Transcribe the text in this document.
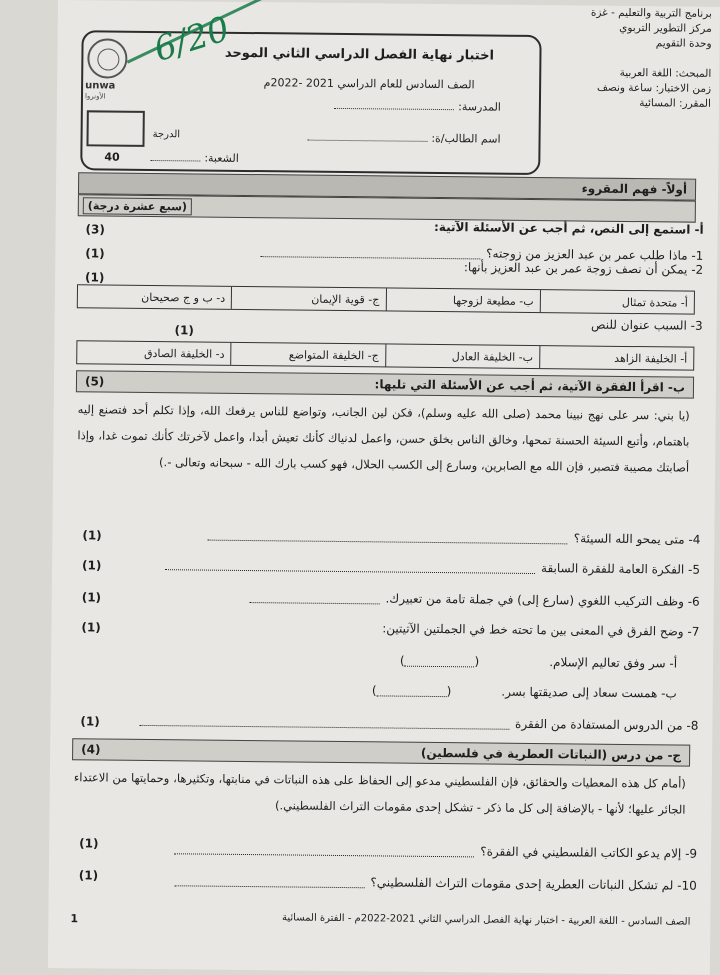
برنامج التربية والتعليم - غزة
مركز التطوير التربوي
وحدة التقويم
المبحث: اللغة العربية
زمن الاختبار: ساعة ونصف
المقرر: المسائية
اختبار نهاية الفصل الدراسي الثاني الموحد
الصف السادس للعام الدراسي 2021 -2022م
المدرسة:
اسم الطالب/ة:
الشعبة:
unwa
الأونروا
الدرجة
40
6/20
أولاً- فهم المقروء
(سبع عشرة درجة)
أ- استمع إلى النص، ثم أجب عن الأسئلة الآتية:
(3)
1- ماذا طلب عمر بن عبد العزيز من زوجته؟
(1)
2- يمكن أن نصف زوجة عمر بن عبد العزيز بأنها:
(1)
أ- متحدة تمثال
ب- مطيعة لزوجها
ج- قوية الإيمان
د- ب و ج صحيحان
3- السبب عنوان للنص
(1)
أ- الخليفة الزاهد
ب- الخليفة العادل
ج- الخليفة المتواضع
د- الخليفة الصادق
ب- اقرأ الفقرة الآتية، ثم أجب عن الأسئلة التي تليها:
(5)
(يا بني: سر على نهج نبينا محمد (صلى الله عليه وسلم)، فكن لين الجانب، وتواضع للناس يرفعك الله، وإذا تكلم أحد فتصنع إليه باهتمام، وأتبع السيئة الحسنة تمحها، وخالق الناس بخلق حسن، واعمل لدنياك كأنك تعيش أبدا، واعمل لآخرتك كأنك تموت غدا، وإذا أصابتك مصيبة فتصبر، فإن الله مع الصابرين، وسارع إلى الكسب الحلال، فهو كسب بارك الله - سبحانه وتعالى -.)
4- متى يمحو الله السيئة؟
(1)
5- الفكرة العامة للفقرة السابقة
(1)
6- وظف التركيب اللغوي (سارع إلى) في جملة تامة من تعبيرك.
(1)
7- وضح الفرق في المعنى بين ما تحته خط في الجملتين الآتيتين:
(1)
أ- سر وفق تعاليم الإسلام.()
ب- همست سعاد إلى صديقتها بسر.()
8- من الدروس المستفادة من الفقرة
(1)
ج- من درس (النباتات العطرية في فلسطين)
(4)
(أمام كل هذه المعطيات والحقائق، فإن الفلسطيني مدعو إلى الحفاظ على هذه النباتات في منابتها، وتكثيرها، وحمايتها من الاعتداء الجائر عليها؛ لأنها - بالإضافة إلى كل ما ذكر - تشكل إحدى مقومات التراث الفلسطيني.)
9- إلام يدعو الكاتب الفلسطيني في الفقرة؟
(1)
10- لم تشكل النباتات العطرية إحدى مقومات التراث الفلسطيني؟
(1)
الصف السادس - اللغة العربية - اختبار نهاية الفصل الدراسي الثاني 2021-2022م - الفترة المسائية
1
